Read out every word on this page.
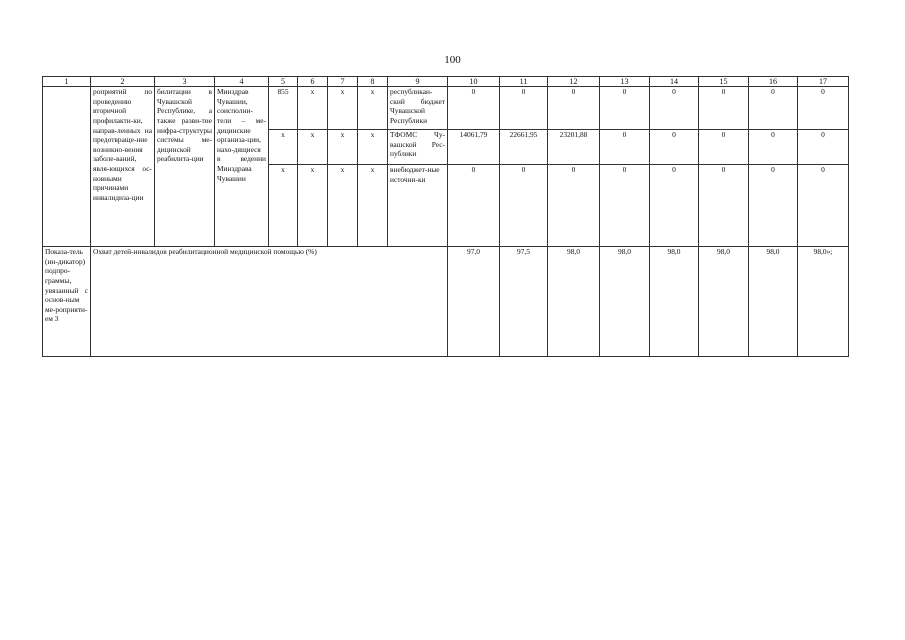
100
1	2	3	4	5	6	7	8	9	10	11	12	13	14	15	16	17
	роприятий по проведению вторичной профилакти-ки, направ-ленных на предотвраще-ние возникно-вения заболе-ваний, явля-ющихся ос-новными причинами инвалидиза-ции	билитации в Чувашской Республике, а также разви-тие инфра-структуры системы ме-дицинской реабилита-ции	Минздрав Чувашии, соисполни-тели – ме-дицинские организа-ции, нахо-дящиеся в ведении Минздрава Чувашии	855	x	x	x	республикан-ский бюджет Чувашской Республики	0	0	0	0	0	0	0	0
				x	x	x	x	ТФОМС Чу-вашской Рес-публики	14061,79	22661,95	23201,88	0	0	0	0	0
				x	x	x	x	внебюджет-ные источни-ки	0	0	0	0	0	0	0	0
Показа-тель (ин-дикатор) подпро-граммы, увязанный с основ-ным ме-роприяти-ем 3	Охват детей-инвалидов реабилитационной медицинской помощью (%)								97,0	97,5	98,0	98,0	98,0	98,0	98,0	98,0»;
